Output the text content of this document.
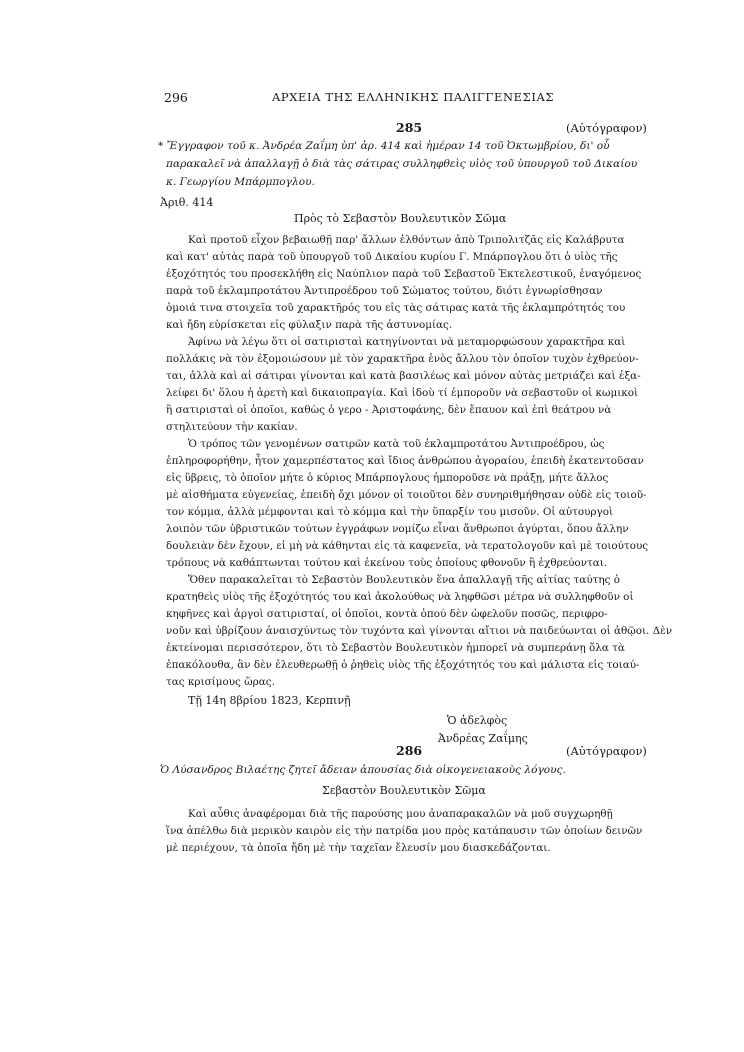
296	ΑΡΧΕΙΑ ΤΗΣ ΕΛΛΗΝΙΚΗΣ ΠΑΛΙΓΓΕΝΕΣΙΑΣ
285	(Αὐτόγραφον)
* Ἔγγραφον τοῦ κ. Ἀνδρέα Ζαΐμη ὑπ' ἀρ. 414 καὶ ἡμέραν 14 τοῦ Ὀκτωμβρίου, δι' οὗ
παρακαλεῖ νὰ ἀπαλλαγῇ ὁ διὰ τὰς σάτιρας συλληφθεὶς υἱὸς τοῦ ὑπουργοῦ τοῦ Δικαίου
κ. Γεωργίου Μπάρμπογλου.
Ἀριθ. 414
Πρὸς τὸ Σεβαστὸν Βουλευτικὸν Σῶμα
Καὶ προτοῦ εἶχον βεβαιωθῇ παρ' ἄλλων ἐλθόντων ἀπὸ Τριπολιτζᾶς εἰς Καλάβρυτα
καὶ κατ' αὐτὰς παρὰ τοῦ ὑπουργοῦ τοῦ Δικαίου κυρίου Γ. Μπάρπογλου ὅτι ὁ υἱὸς τῆς
ἐξοχότητός του προσεκλήθη εἰς Ναύπλιον παρὰ τοῦ Σεβαστοῦ Ἐκτελεστικοῦ, ἐναγόμενος
παρὰ τοῦ ἐκλαμπροτάτου Ἀντιπροέδρου τοῦ Σώματος τούτου, διότι ἐγνωρίσθησαν
ὁμοιά τινα στοιχεῖα τοῦ χαρακτῆρός του εἰς τὰς σάτιρας κατὰ τῆς ἐκλαμπρότητός του
καὶ ἤδη εὑρίσκεται εἰς φύλαξιν παρὰ τῆς ἀστυνομίας.
Ἀφίνω νὰ λέγω ὅτι οἱ σατιρισταὶ κατηγίνονται νὰ μεταμορφώσουν χαρακτῆρα καὶ
πολλάκις νὰ τὸν ἐξομοιώσουν μὲ τὸν χαρακτῆρα ἑνὸς ἄλλου τὸν ὁποῖον τυχὸν ἐχθρεύον-
ται, ἀλλὰ καὶ αἱ σάτιραι γίνονται καὶ κατὰ βασιλέως καὶ μόνον αὐτὰς μετριάζει καὶ ἐξα-
λείφει δι' ὅλου ἡ ἀρετὴ καὶ δικαιοπραγία. Καὶ ἰδοὺ τί ἐμποροῦν νὰ σεβαστοῦν οἱ κωμικοὶ
ἢ σατιρισταὶ οἱ ὁποῖοι, καθὼς ὁ γερο - Ἀριστοφάνης, δὲν ἔπαυον καὶ ἐπὶ θεάτρου νὰ
στηλιτεύουν τὴν κακίαν.
Ὁ τρόπος τῶν γενομένων σατιρῶν κατὰ τοῦ ἐκλαμπροτάτου Ἀντιπροέδρου, ὡς
ἐπληροφορήθην, ἦτον χαμερπέστατος καὶ ἴδιος ἀνθρώπου ἀγοραίου, ἐπειδὴ ἐκατεντοῦσαν
εἰς ὕβρεις, τὸ ὁποῖον μήτε ὁ κύριος Μπάρπογλους ἠμποροῦσε νὰ πράξῃ, μήτε ἄλλος
μὲ αἰσθήματα εὐγενείας, ἐπειδὴ ὄχι μόνον οἱ τοιοῦτοι δὲν συνηριθμήθησαν οὐδὲ εἰς τοιοῦ-
τον κόμμα, ἀλλὰ μέμφονται καὶ τὸ κόμμα καὶ τὴν ὕπαρξίν του μισοῦν. Οἱ αὐτουργοὶ
λοιπὸν τῶν ὑβριστικῶν τούτων ἐγγράφων νομίζω εἶναι ἄνθρωποι ἀγύρται, ὅπου ἄλλην
δουλειὰν δὲν ἔχουν, εἰ μὴ νὰ κάθηνται εἰς τὰ καφενεῖα, νὰ τερατολογοῦν καὶ μὲ τοιούτους
τρόπους νὰ καθάπτωνται τούτου καὶ ἐκείνου τοὺς ὁποίους φθονοῦν ἢ ἐχθρεύονται.
Ὅθεν παρακαλεῖται τὸ Σεβαστὸν Βουλευτικὸν ἕνα ἀπαλλαγῇ τῆς αἰτίας ταύτης ὁ
κρατηθεὶς υἱὸς τῆς ἐξοχότητός του καὶ ἀκολούθως νὰ ληφθῶσι μέτρα νὰ συλληφθοῦν οἱ
κηφῆνες καὶ ἀργοὶ σατιρισταί, οἱ ὁποῖοι, κοντὰ ὁπού δὲν ὠφελοῦν ποσῶς, περιφρο-
νοῦν καὶ ὑβρίζουν ἀναισχύντως τὸν τυχόντα καὶ γίνονται αἴτιοι νὰ παιδεύωνται οἱ ἀθῷοι. Δὲν
ἐκτείνομαι περισσότερον, ὅτι τὸ Σεβαστὸν Βουλευτικὸν ἠμπορεῖ νὰ συμπεράνῃ ὅλα τὰ
ἐπακόλουθα, ἂν δὲν ἐλευθερωθῇ ὁ ῥηθεὶς υἱὸς τῆς ἐξοχότητός του καὶ μάλιστα εἰς τοιαύ-
τας κρισίμους ὥρας.
Τῇ 14η 8βρίου 1823, Κερπινῇ
Ὁ ἀδελφὸς
Ἀνδρέας Ζαΐμης
286	(Αὐτόγραφον)
Ὁ Λύσανδρος Βιλαέτης ζητεῖ ἄδειαν ἀπουσίας διὰ οἰκογενειακοὺς λόγους.
Σεβαστὸν Βουλευτικὸν Σῶμα
Καὶ αὖθις ἀναφέρομαι διὰ τῆς παρούσης μου ἀναπαρακαλῶν νὰ μοῦ συγχωρηθῇ
ἵνα ἀπέλθω διὰ μερικὸν καιρὸν εἰς τὴν πατρίδα μου πρὸς κατάπαυσιν τῶν ὁποίων δεινῶν
μὲ περιέχουν, τὰ ὁποῖα ἤδη μὲ τὴν ταχεῖαν ἔλευσίν μου διασκεδάζονται.
